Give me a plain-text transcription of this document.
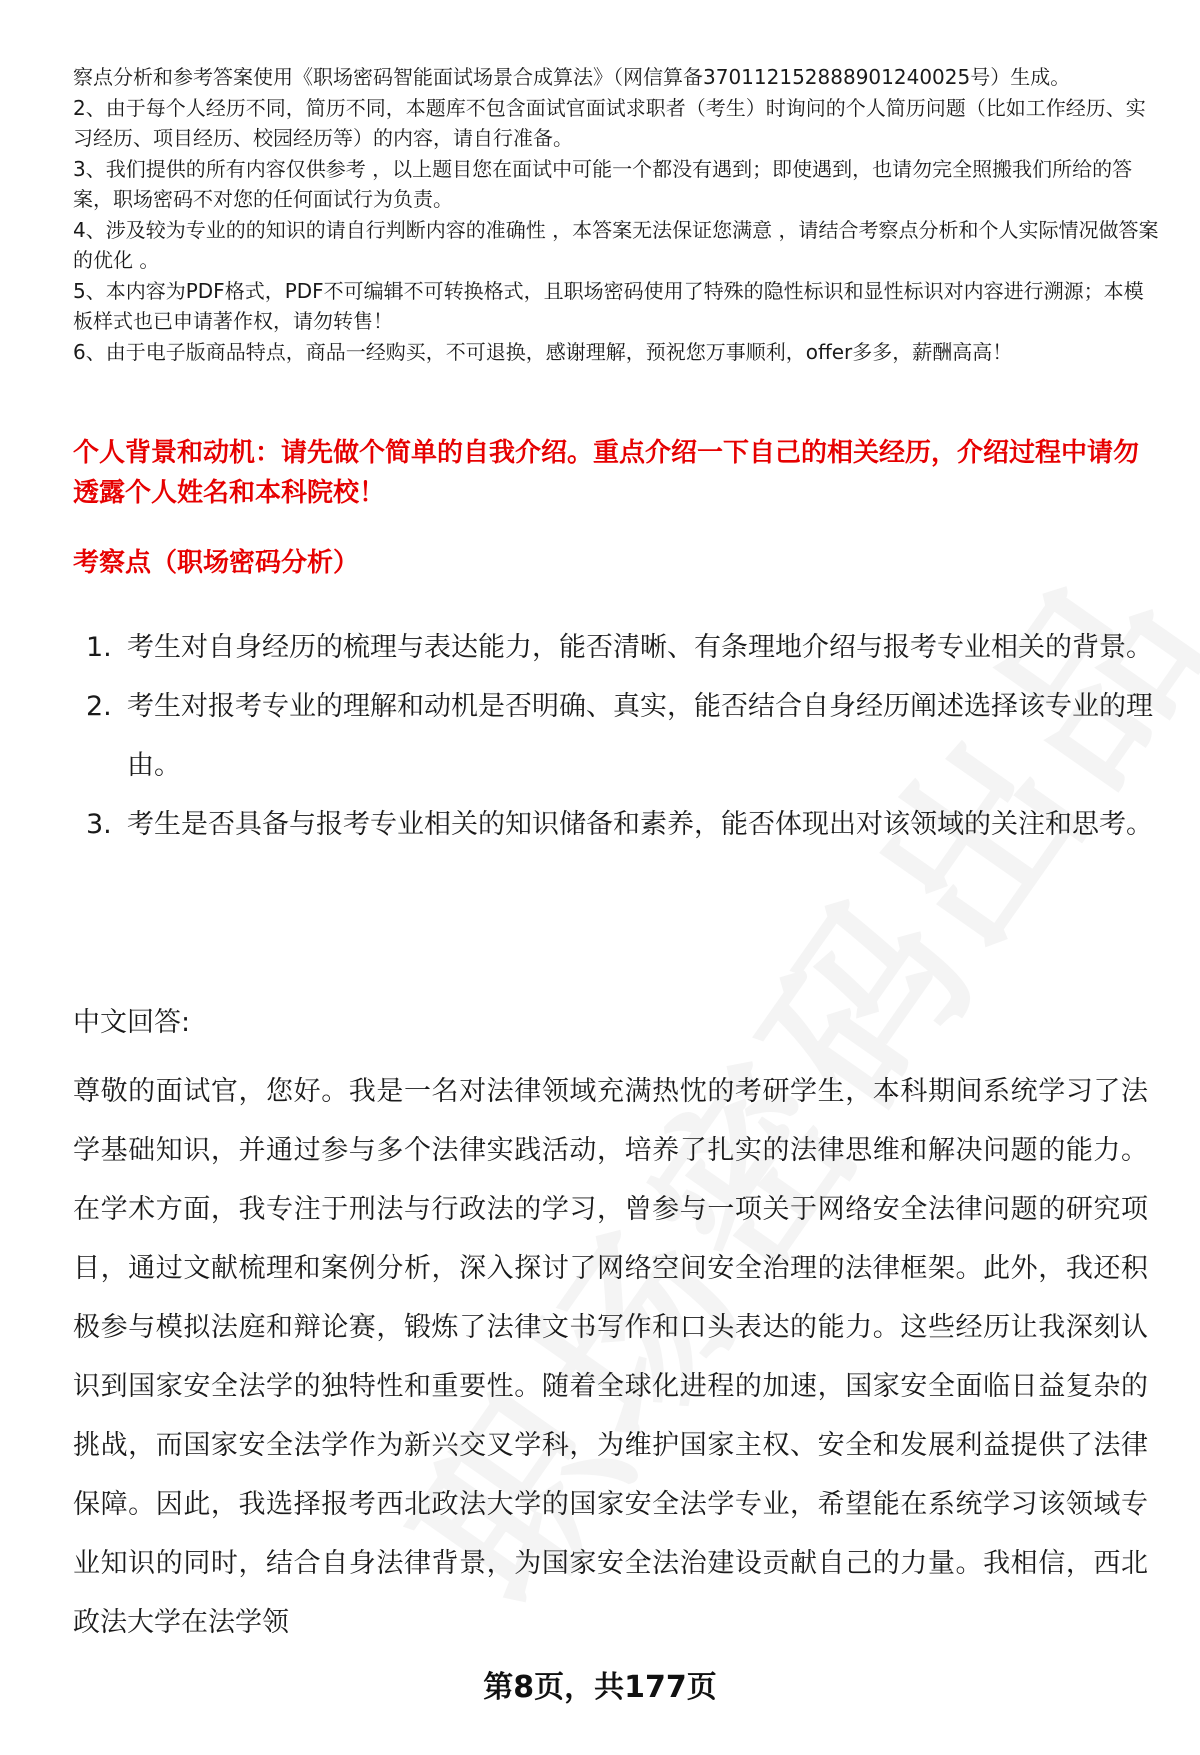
察点分析和参考答案使用《职场密码智能面试场景合成算法》（网信算备370112152888901240025号）生成。

2、由于每个人经历不同，简历不同，本题库不包含面试官面试求职者（考生）时询问的个人简历问题（比如工作经历、实习经历、项目经历、校园经历等）的内容，请自行准备。

3、我们提供的所有内容仅供参考 ，以上题目您在面试中可能一个都没有遇到；即使遇到，也请勿完全照搬我们所给的答案，职场密码不对您的任何面试行为负责。

4、涉及较为专业的的知识的请自行判断内容的准确性 ，本答案无法保证您满意 ，请结合考察点分析和个人实际情况做答案的优化 。

5、本内容为PDF格式，PDF不可编辑不可转换格式，且职场密码使用了特殊的隐性标识和显性标识对内容进行溯源；本模板样式也已申请著作权，请勿转售！

6、由于电子版商品特点，商品一经购买，不可退换，感谢理解，预祝您万事顺利，offer多多，薪酬高高！

个人背景和动机：请先做个简单的自我介绍。重点介绍一下自己的相关经历，介绍过程中请勿透露个人姓名和本科院校！
考察点（职场密码分析）
1. 考生对自身经历的梳理与表达能力，能否清晰、有条理地介绍与报考专业相关的背景。
2. 考生对报考专业的理解和动机是否明确、真实，能否结合自身经历阐述选择该专业的理由。
3. 考生是否具备与报考专业相关的知识储备和素养，能否体现出对该领域的关注和思考。

中文回答:

尊敬的面试官，您好。我是一名对法律领域充满热忱的考研学生，本科期间系统学习了法学基础知识，并通过参与多个法律实践活动，培养了扎实的法律思维和解决问题的能力。在学术方面，我专注于刑法与行政法的学习，曾参与一项关于网络安全法律问题的研究项目，通过文献梳理和案例分析，深入探讨了网络空间安全治理的法律框架。此外，我还积极参与模拟法庭和辩论赛，锻炼了法律文书写作和口头表达的能力。这些经历让我深刻认识到国家安全法学的独特性和重要性。随着全球化进程的加速，国家安全面临日益复杂的挑战，而国家安全法学作为新兴交叉学科，为维护国家主权、安全和发展利益提供了法律保障。因此，我选择报考西北政法大学的国家安全法学专业，希望能在系统学习该领域专业知识的同时，结合自身法律背景，为国家安全法治建设贡献自己的力量。我相信，西北政法大学在法学领

第8页，共177页
